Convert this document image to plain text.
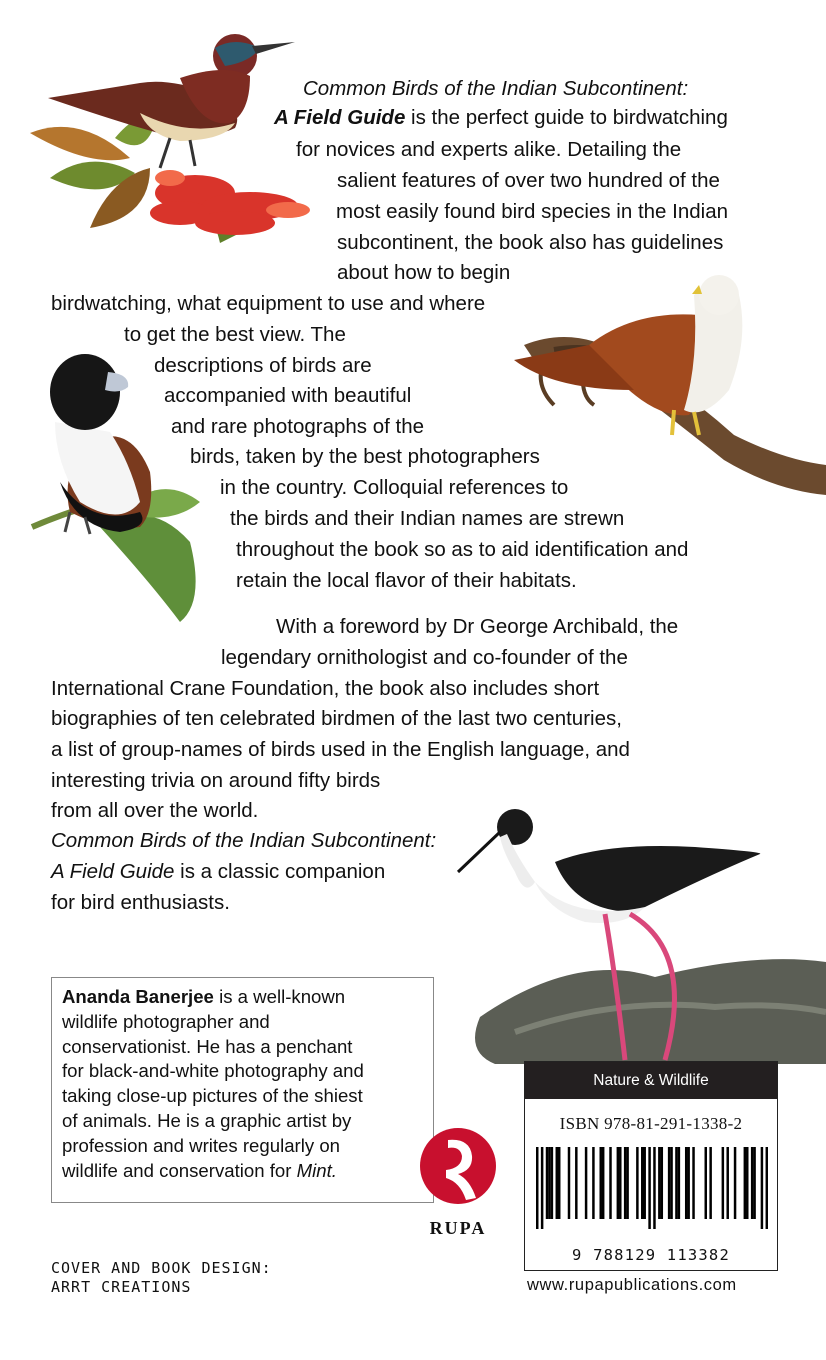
Common Birds of the Indian Subcontinent:
A Field Guide is the perfect guide to birdwatching
for novices and experts alike. Detailing the
salient features of over two hundred of the
most easily found bird species in the Indian
subcontinent, the book also has guidelines
about how to begin
birdwatching, what equipment to use and where
to get the best view. The
descriptions of birds are
accompanied with beautiful
and rare photographs of the
birds, taken by the best photographers
in the country. Colloquial references to
the birds and their Indian names are strewn
throughout the book so as to aid identification and
retain the local flavor of their habitats.
With a foreword by Dr George Archibald, the
legendary ornithologist and co-founder of the
International Crane Foundation, the book also includes short
biographies of ten celebrated birdmen of the last two centuries,
a list of group-names of birds used in the English language, and
interesting trivia on around fifty birds
from all over the world.
Common Birds of the Indian Subcontinent:
A Field Guide is a classic companion
for bird enthusiasts.
Ananda Banerjee is a well-known
wildlife photographer and
conservationist. He has a penchant
for black-and-white photography and
taking close-up pictures of the shiest
of animals. He is a graphic artist by
profession and writes regularly on
wildlife and conservation for Mint.
RUPA
COVER AND BOOK DESIGN:
ARRT CREATIONS
Nature & Wildlife
ISBN 978-81-291-1338-2
9 788129 113382
www.rupapublications.com
